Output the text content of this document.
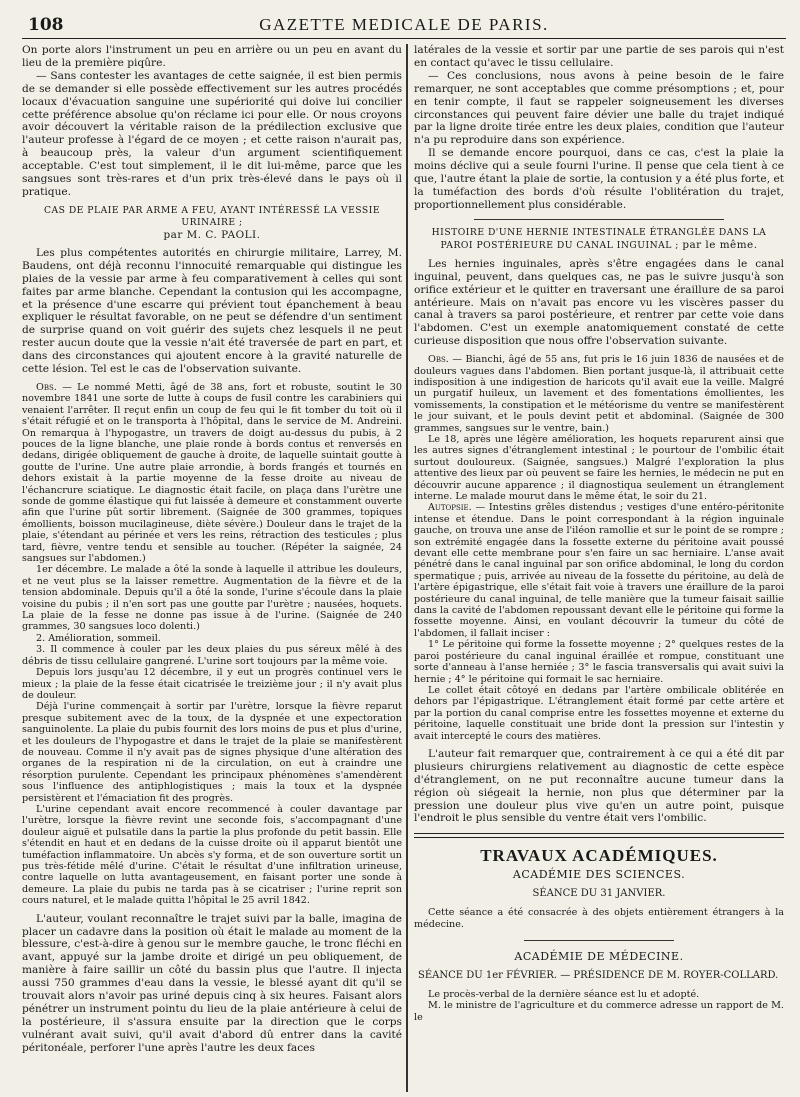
108	GAZETTE MEDICALE DE PARIS.

On porte alors l'instrument un peu en arrière ou un peu en avant du lieu de la première piqûre.

— Sans contester les avantages de cette saignée, il est bien permis de se demander si elle possède effectivement sur les autres procédés locaux d'évacuation sanguine une supériorité qui doive lui concilier cette préférence absolue qu'on réclame ici pour elle. Or nous croyons avoir découvert la véritable raison de la prédilection exclusive que l'auteur professe à l'égard de ce moyen ; et cette raison n'aurait pas, à beaucoup près, la valeur d'un argument scientifiquement acceptable. C'est tout simplement, il le dit lui-même, parce que les sangsues sont très-rares et d'un prix très-élevé dans le pays où il pratique.

CAS DE PLAIE PAR ARME A FEU, AYANT INTÉRESSÉ LA VESSIE URINAIRE ;
par M. C. PAOLI.

Les plus compétentes autorités en chirurgie militaire, Larrey, M. Baudens, ont déjà reconnu l'innocuité remarquable qui distingue les plaies de la vessie par arme à feu comparativement à celles qui sont faites par arme blanche. Cependant la contusion qui les accompagne, et la présence d'une escarre qui prévient tout épanchement à beau expliquer le résultat favorable, on ne peut se défendre d'un sentiment de surprise quand on voit guérir des sujets chez lesquels il ne peut rester aucun doute que la vessie n'ait été traversée de part en part, et dans des circonstances qui ajoutent encore à la gravité naturelle de cette lésion. Tel est le cas de l'observation suivante.

Obs. — Le nommé Metti, âgé de 38 ans, fort et robuste, soutint le 30 novembre 1841 une sorte de lutte à coups de fusil contre les carabiniers qui venaient l'arrêter. Il reçut enfin un coup de feu qui le fit tomber du toit où il s'était réfugié et on le transporta à l'hôpital, dans le service de M. Andreini. On remarqua à l'hypogastre, un travers de doigt au-dessus du pubis, à 2 pouces de la ligne blanche, une plaie ronde à bords contus et renversés en dedans, dirigée obliquement de gauche à droite, de laquelle suintait goutte à goutte de l'urine. Une autre plaie arrondie, à bords frangés et tournés en dehors existait à la partie moyenne de la fesse droite au niveau de l'échancrure sciatique. Le diagnostic était facile, on plaça dans l'urètre une sonde de gomme élastique qui fut laissée à demeure et constamment ouverte afin que l'urine pût sortir librement. (Saignée de 300 grammes, topiques émollients, boisson mucilagineuse, diète sévère.) Douleur dans le trajet de la plaie, s'étendant au périnée et vers les reins, rétraction des testicules ; plus tard, fièvre, ventre tendu et sensible au toucher. (Répéter la saignée, 24 sangsues sur l'abdomen.)

1er décembre. Le malade a ôté la sonde à laquelle il attribue les douleurs, et ne veut plus se la laisser remettre. Augmentation de la fièvre et de la tension abdominale. Depuis qu'il a ôté la sonde, l'urine s'écoule dans la plaie voisine du pubis ; il n'en sort pas une goutte par l'urètre ; nausées, hoquets. La plaie de la fesse ne donne pas issue à de l'urine. (Saignée de 240 grammes, 30 sangsues loco dolenti.)

2. Amélioration, sommeil.

3. Il commence à couler par les deux plaies du pus séreux mêlé à des débris de tissu cellulaire gangrené. L'urine sort toujours par la même voie.

Depuis lors jusqu'au 12 décembre, il y eut un progrès continuel vers le mieux ; la plaie de la fesse était cicatrisée le treizième jour ; il n'y avait plus de douleur.

Déjà l'urine commençait à sortir par l'urètre, lorsque la fièvre reparut presque subitement avec de la toux, de la dyspnée et une expectoration sanguinolente. La plaie du pubis fournit des lors moins de pus et plus d'urine, et les douleurs de l'hypogastre et dans le trajet de la plaie se manifestèrent de nouveau. Comme il n'y avait pas de signes physique d'une altération des organes de la respiration ni de la circulation, on eut à craindre une résorption purulente. Cependant les principaux phénomènes s'amendèrent sous l'influence des antiphlogistiques ; mais la toux et la dyspnée persistèrent et l'émaciation fit des progrès.

L'urine cependant avait encore recommencé à couler davantage par l'urètre, lorsque la fièvre revint une seconde fois, s'accompagnant d'une douleur aiguë et pulsatile dans la partie la plus profonde du petit bassin. Elle s'étendit en haut et en dedans de la cuisse droite où il apparut bientôt une tuméfaction inflammatoire. Un abcès s'y forma, et de son ouverture sortit un pus très-fétide mêlé d'urine. C'était le résultat d'une infiltration urineuse, contre laquelle on lutta avantageusement, en faisant porter une sonde à demeure. La plaie du pubis ne tarda pas à se cicatriser ; l'urine reprit son cours naturel, et le malade quitta l'hôpital le 25 avril 1842.

L'auteur, voulant reconnaître le trajet suivi par la balle, imagina de placer un cadavre dans la position où était le malade au moment de la blessure, c'est-à-dire à genou sur le membre gauche, le tronc fléchi en avant, appuyé sur la jambe droite et dirigé un peu obliquement, de manière à faire saillir un côté du bassin plus que l'autre. Il injecta aussi 750 grammes d'eau dans la vessie, le blessé ayant dit qu'il se trouvait alors n'avoir pas uriné depuis cinq à six heures. Faisant alors pénétrer un instrument pointu du lieu de la plaie antérieure à celui de la postérieure, il s'assura ensuite par la direction que le corps vulnérant avait suivi, qu'il avait d'abord dû entrer dans la cavité péritonéale, perforer l'une après l'autre les deux faces

latérales de la vessie et sortir par une partie de ses parois qui n'est en contact qu'avec le tissu cellulaire.

— Ces conclusions, nous avons à peine besoin de le faire remarquer, ne sont acceptables que comme présomptions ; et, pour en tenir compte, il faut se rappeler soigneusement les diverses circonstances qui peuvent faire dévier une balle du trajet indiqué par la ligne droite tirée entre les deux plaies, condition que l'auteur n'a pu reproduire dans son expérience.

Il se demande encore pourquoi, dans ce cas, c'est la plaie la moins déclive qui a seule fourni l'urine. Il pense que cela tient à ce que, l'autre étant la plaie de sortie, la contusion y a été plus forte, et la tuméfaction des bords d'où résulte l'oblitération du trajet, proportionnellement plus considérable.

HISTOIRE D'UNE HERNIE INTESTINALE ÉTRANGLÉE DANS LA PAROI POSTÉRIEURE DU CANAL INGUINAL ; par le même.

Les hernies inguinales, après s'être engagées dans le canal inguinal, peuvent, dans quelques cas, ne pas le suivre jusqu'à son orifice extérieur et le quitter en traversant une éraillure de sa paroi antérieure. Mais on n'avait pas encore vu les viscères passer du canal à travers sa paroi postérieure, et rentrer par cette voie dans l'abdomen. C'est un exemple anatomiquement constaté de cette curieuse disposition que nous offre l'observation suivante.

Obs. — Bianchi, âgé de 55 ans, fut pris le 16 juin 1836 de nausées et de douleurs vagues dans l'abdomen. Bien portant jusque-là, il attribuait cette indisposition à une indigestion de haricots qu'il avait eue la veille. Malgré un purgatif huileux, un lavement et des fomentations émollientes, les vomissements, la constipation et le météorisme du ventre se manifestèrent le jour suivant, et le pouls devint petit et abdominal. (Saignée de 300 grammes, sangsues sur le ventre, bain.)

Le 18, après une légère amélioration, les hoquets reparurent ainsi que les autres signes d'étranglement intestinal ; le pourtour de l'ombilic était surtout douloureux. (Saignée, sangsues.) Malgré l'exploration la plus attentive des lieux par où peuvent se faire les hernies, le médecin ne put en découvrir aucune apparence ; il diagnostiqua seulement un étranglement interne. Le malade mourut dans le même état, le soir du 21.

Autopsie. — Intestins grêles distendus ; vestiges d'une entéro-péritonite intense et étendue. Dans le point correspondant à la région inguinale gauche, on trouva une anse de l'iléon ramollie et sur le point de se rompre ; son extrémité engagée dans la fossette externe du péritoine avait poussé devant elle cette membrane pour s'en faire un sac herniaire. L'anse avait pénétré dans le canal inguinal par son orifice abdominal, le long du cordon spermatique ; puis, arrivée au niveau de la fossette du péritoine, au delà de l'artère épigastrique, elle s'était fait voie à travers une éraillure de la paroi postérieure du canal inguinal, de telle manière que la tumeur faisait saillie dans la cavité de l'abdomen repoussant devant elle le péritoine qui forme la fossette moyenne. Ainsi, en voulant découvrir la tumeur du côté de l'abdomen, il fallait inciser :

1° Le péritoine qui forme la fossette moyenne ; 2° quelques restes de la paroi postérieure du canal inguinal éraillée et rompue, constituant une sorte d'anneau à l'anse herniée ; 3° le fascia transversalis qui avait suivi la hernie ; 4° le péritoine qui formait le sac herniaire.

Le collet était côtoyé en dedans par l'artère ombilicale oblitérée en dehors par l'épigastrique. L'étranglement était formé par cette artère et par la portion du canal comprise entre les fossettes moyenne et externe du péritoine, laquelle constituait une bride dont la pression sur l'intestin y avait intercepté le cours des matières.

L'auteur fait remarquer que, contrairement à ce qui a été dit par plusieurs chirurgiens relativement au diagnostic de cette espèce d'étranglement, on ne put reconnaître aucune tumeur dans la région où siégeait la hernie, non plus que déterminer par la pression une douleur plus vive qu'en un autre point, puisque l'endroit le plus sensible du ventre était vers l'ombilic.

TRAVAUX ACADÉMIQUES.
ACADÉMIE DES SCIENCES.
SÉANCE DU 31 JANVIER.

Cette séance a été consacrée à des objets entièrement étrangers à la médecine.

ACADÉMIE DE MÉDECINE.
SÉANCE DU 1er FÉVRIER. — PRÉSIDENCE DE M. ROYER-COLLARD.

Le procès-verbal de la dernière séance est lu et adopté.

M. le ministre de l'agriculture et du commerce adresse un rapport de M. le
